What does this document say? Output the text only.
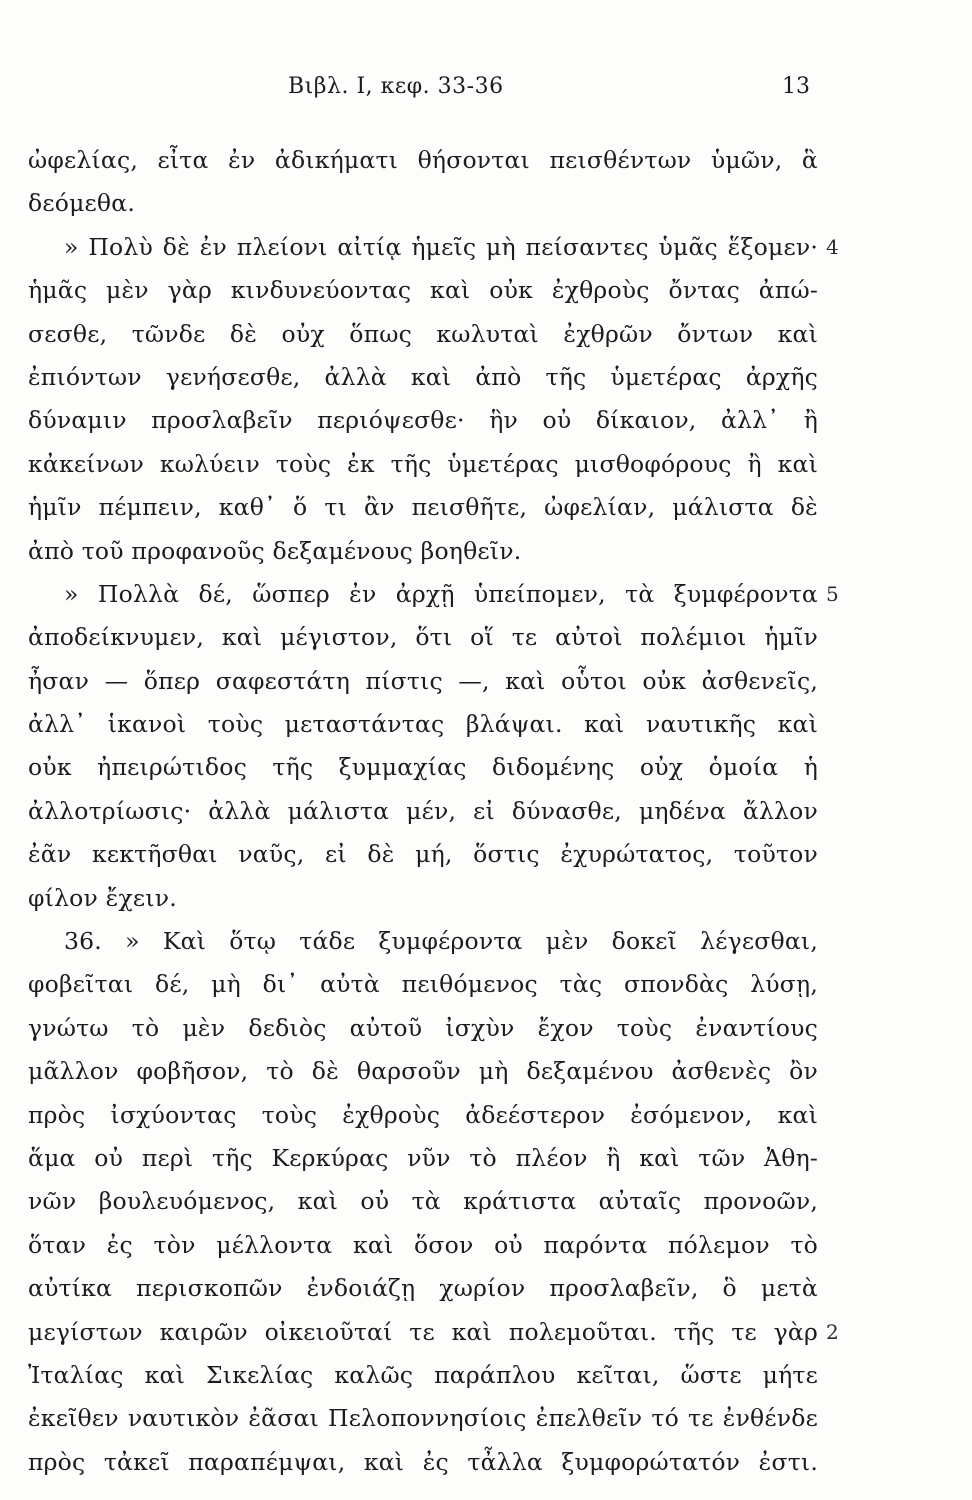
Βιβλ. I, κεφ. 33-36	13
ὠφελίας, εἶτα ἐν ἀδικήματι θήσονται πεισθέντων ὑμῶν, ἃ
δεόμεθα.
» Πολὺ δὲ ἐν πλείονι αἰτίᾳ ἡμεῖς μὴ πείσαντες ὑμᾶς ἕξομεν· 4
ἡμᾶς μὲν γὰρ κινδυνεύοντας καὶ οὐκ ἐχθροὺς ὄντας ἀπώ-
σεσθε, τῶνδε δὲ οὐχ ὅπως κωλυταὶ ἐχθρῶν ὄντων καὶ
ἐπιόντων γενήσεσθε, ἀλλὰ καὶ ἀπὸ τῆς ὑμετέρας ἀρχῆς
δύναμιν προσλαβεῖν περιόψεσθε· ἣν οὐ δίκαιον, ἀλλ᾽ ἢ
κἀκείνων κωλύειν τοὺς ἐκ τῆς ὑμετέρας μισθοφόρους ἢ καὶ
ἡμῖν πέμπειν, καθ᾽ ὅ τι ἂν πεισθῆτε, ὠφελίαν, μάλιστα δὲ
ἀπὸ τοῦ προφανοῦς δεξαμένους βοηθεῖν.
» Πολλὰ δέ, ὥσπερ ἐν ἀρχῇ ὑπείπομεν, τὰ ξυμφέροντα 5
ἀποδείκνυμεν, καὶ μέγιστον, ὅτι οἵ τε αὐτοὶ πολέμιοι ἡμῖν
ἦσαν — ὅπερ σαφεστάτη πίστις —, καὶ οὗτοι οὐκ ἀσθενεῖς,
ἀλλ᾽ ἱκανοὶ τοὺς μεταστάντας βλάψαι. καὶ ναυτικῆς καὶ
οὐκ ἠπειρώτιδος τῆς ξυμμαχίας διδομένης οὐχ ὁμοία ἡ
ἀλλοτρίωσις· ἀλλὰ μάλιστα μέν, εἰ δύνασθε, μηδένα ἄλλον
ἐᾶν κεκτῆσθαι ναῦς, εἰ δὲ μή, ὅστις ἐχυρώτατος, τοῦτον
φίλον ἔχειν.
36. » Καὶ ὅτῳ τάδε ξυμφέροντα μὲν δοκεῖ λέγεσθαι,
φοβεῖται δέ, μὴ δι᾽ αὐτὰ πειθόμενος τὰς σπονδὰς λύσῃ,
γνώτω τὸ μὲν δεδιὸς αὐτοῦ ἰσχὺν ἔχον τοὺς ἐναντίους
μᾶλλον φοβῆσον, τὸ δὲ θαρσοῦν μὴ δεξαμένου ἀσθενὲς ὂν
πρὸς ἰσχύοντας τοὺς ἐχθροὺς ἀδεέστερον ἐσόμενον, καὶ
ἅμα οὐ περὶ τῆς Κερκύρας νῦν τὸ πλέον ἢ καὶ τῶν Ἀθη-
νῶν βουλευόμενος, καὶ οὐ τὰ κράτιστα αὐταῖς προνοῶν,
ὅταν ἐς τὸν μέλλοντα καὶ ὅσον οὐ παρόντα πόλεμον τὸ
αὐτίκα περισκοπῶν ἐνδοιάζῃ χωρίον προσλαβεῖν, ὃ μετὰ
μεγίστων καιρῶν οἰκειοῦταί τε καὶ πολεμοῦται. τῆς τε γὰρ 2
Ἰταλίας καὶ Σικελίας καλῶς παράπλου κεῖται, ὥστε μήτε
ἐκεῖθεν ναυτικὸν ἐᾶσαι Πελοποννησίοις ἐπελθεῖν τό τε ἐνθένδε
πρὸς τἀκεῖ παραπέμψαι, καὶ ἐς τἆλλα ξυμφορώτατόν ἐστι.
